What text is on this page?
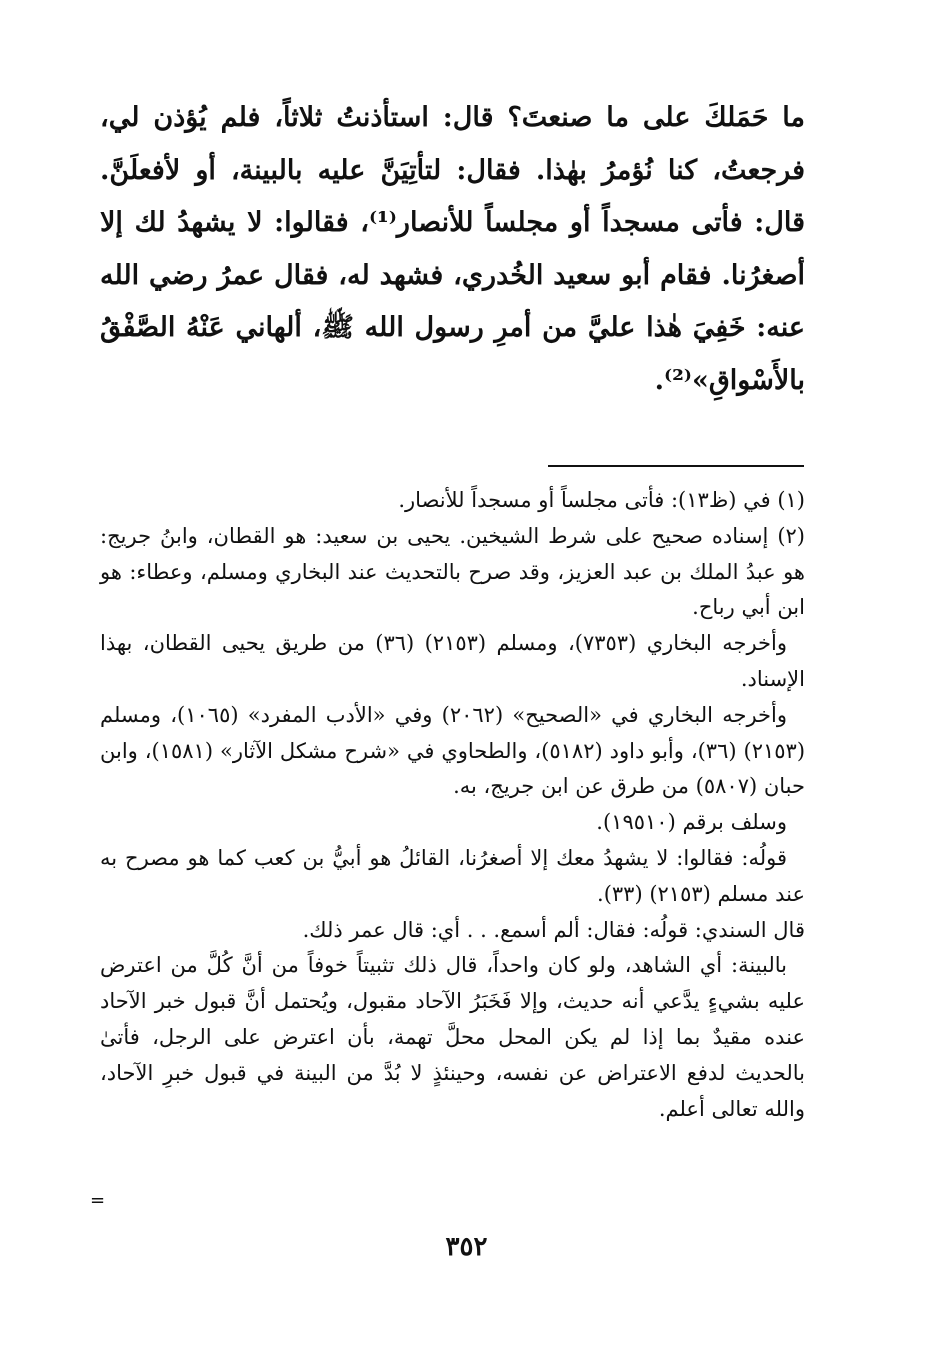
ما حَمَلكَ على ما صنعتَ؟ قال: استأذنتُ ثلاثاً، فلم يُؤذن لي، فرجعتُ، كنا نُؤمرُ بهٰذا. فقال: لتأتِيَنَّ عليه بالبينة، أو لأفعلَنَّ. قال: فأتى مسجداً أو مجلساً للأنصار⁽¹⁾، فقالوا: لا يشهدُ لك إلا أصغرُنا. فقام أبو سعيد الخُدري، فشهد له، فقال عمرُ رضي الله عنه: خَفِيَ هٰذا عليَّ من أمرِ رسول الله ﷺ، ألهاني عَنْهُ الصَّفْقُ بالأَسْواقِ»⁽²⁾.

(١) في (ظ١٣): فأتى مجلساً أو مسجداً للأنصار.

(٢) إسناده صحيح على شرط الشيخين. يحيى بن سعيد: هو القطان، وابنُ جريج: هو عبدُ الملك بن عبد العزيز، وقد صرح بالتحديث عند البخاري ومسلم، وعطاء: هو ابن أبي رباح.

وأخرجه البخاري (٧٣٥٣)، ومسلم (٢١٥٣) (٣٦) من طريق يحيى القطان، بهذا الإسناد.

وأخرجه البخاري في «الصحيح» (٢٠٦٢) وفي «الأدب المفرد» (١٠٦٥)، ومسلم (٢١٥٣) (٣٦)، وأبو داود (٥١٨٢)، والطحاوي في «شرح مشكل الآثار» (١٥٨١)، وابن حبان (٥٨٠٧) من طرق عن ابن جريج، به.

وسلف برقم (١٩٥١٠).

قولُه: فقالوا: لا يشهدُ معك إلا أصغرُنا، القائلُ هو أبيُّ بن كعب كما هو مصرح به عند مسلم (٢١٥٣) (٣٣).

قال السندي: قولُه: فقال: ألم أسمع. . . أي: قال عمر ذلك.

بالبينة: أي الشاهد، ولو كان واحداً، قال ذلك تثبيتاً خوفاً من أنَّ كُلَّ من اعترض عليه بشيءٍ يدَّعي أنه حديث، وإلا فَخَبَرُ الآحاد مقبول، ويُحتمل أنَّ قبول خبر الآحاد عنده مقيدٌ بما إذا لم يكن المحل محلَّ تهمة، بأن اعترض على الرجل، فأتىٰ بالحديث لدفع الاعتراض عن نفسه، وحينئذٍ لا بُدَّ من البينة في قبول خبرِ الآحاد، والله تعالى أعلم.

=
٣٥٢
